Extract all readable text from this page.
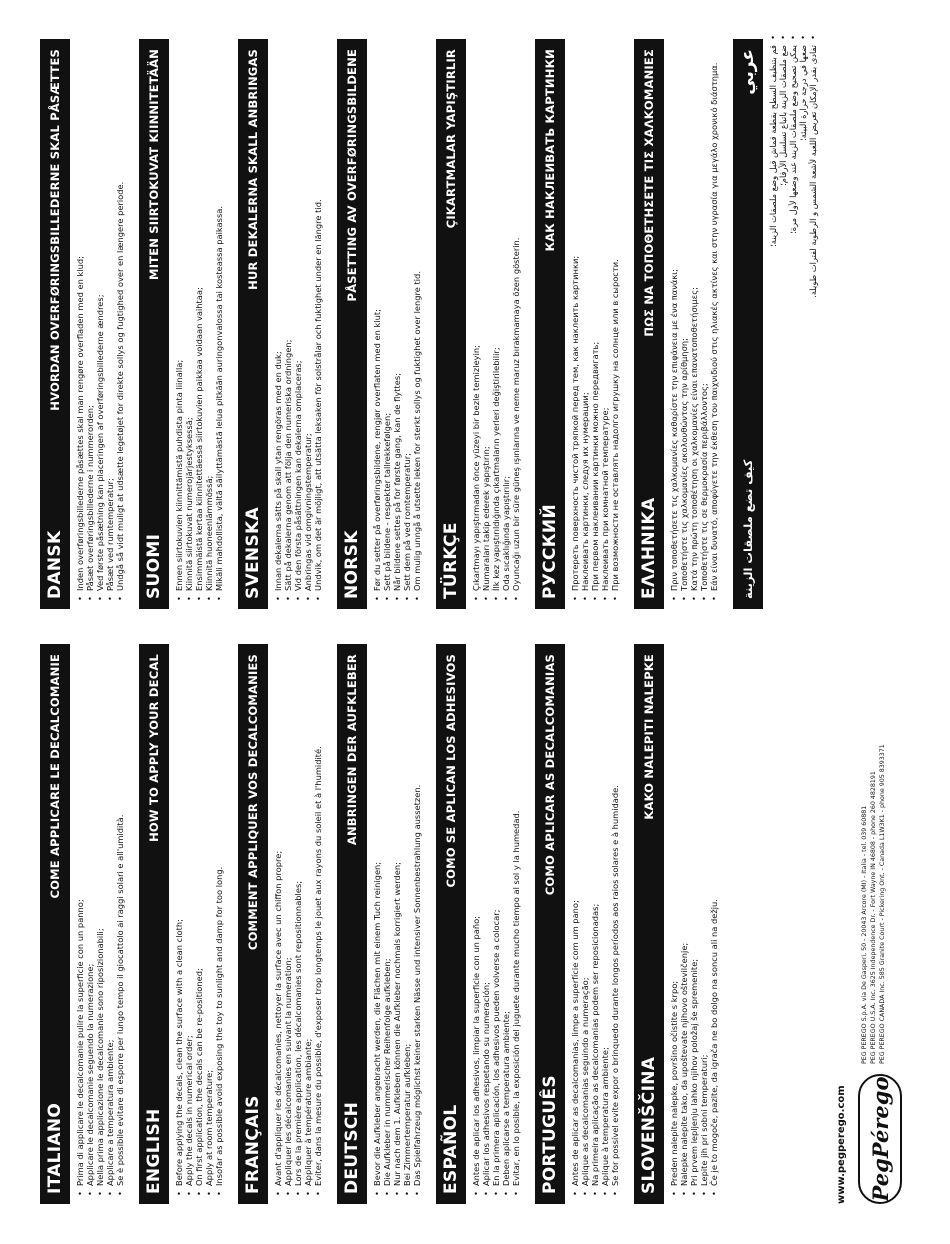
ITALIANO
COME APPLICARE LE DECALCOMANIE
• Prima di applicare le decalcomanie pulire la superficie con un panno; • Applicare le decalcomanie seguendo la numerazione; • Nella prima applicazione le decalcomanie sono riposizionabili; • Applicare a temperatura ambiente; • Se è possibile evitare di esporre per lungo tempo il giocattolo ai raggi solari e all'umidità. ENGLISH
HOW TO APPLY YOUR DECAL
• Before applying the decals, clean the surface with a clean cloth; • Apply the decals in numerical order; • On first application, the decals can be re-positioned; • Apply at room temperature; • Insofar as possible avoid exposing the toy to sunlight and damp for too long. FRANÇAIS
COMMENT APPLIQUER VOS DECALCOMANIES
• Avant d'appliquer les décalcomanies, nettoyer la surface avec un chiffon propre; • Appliquer les décalcomanies en suivant la numeration; • Lors de la première application, les décalcomanies sont repositionnables; • Appliquer à température ambiante; • Eviter, dans la mesure du possible, d'exposer trop longtemps le jouet aux rayons du soleil et à l'humidité. DEUTSCH
ANBRINGEN DER AUFKLEBER
• Bevor die Aufkleber angebracht werden, die Flächen mit einem Tuch reinigen; • Die Aufkleber in nummerischer Reihenfolge aufkleben; • Nur nach dem 1. Aufkleben können die Aufkleber nochmals korrigiert werden; • Bei Zimmertemperatur aufkleben; • Das Spielfahrzeug möglichst keiner starken Nässe und intensiver Sonnenbestrahlung aussetzen. ESPAÑOL
COMO SE APLICAN LOS ADHESIVOS
• Antes de aplicar los adhesivos, limpiar la superficie con un paño; • Aplicar los adhesivos respetando su numeración; • En la primera aplicación, los adhesivos pueden volverse a colocar; • Deben aplicarse a temperatura ambiente; • Evitar, en lo posible, la exposición del juguete durante mucho tiempo al sol y la humedad. PORTUGUÊS
COMO APLICAR AS DECALCOMANIAS
• Antes de aplicar as decalcomanias, limpe a superfície com um pano; • Aplique as decalcomanias seguindo a numeração; • Na primeira aplicação as decalcomanias podem ser reposicionadas; • Aplique à temperatura ambiente; • Se for possível evite expor o brinquedo durante longos períodos aos raios solares e à humidade. SLOVENŠČINA
KAKO NALEPITI NALEPKE
• Preden nalepite nalepke, površino očistite s krpo; • Nalepke nalepite tako, da upoštevate njihovo oštevilčenje; • Pri prvem lepljenju lahko njihov položaj še spremenite; • Lepite jih pri sobni temperaturi; • Če je to mogoče, pazite, da igrača ne bo dolgo na soncu ali na dežju.
DANSK
HVORDAN OVERFØRINGSBILLEDERNE SKAL PÅSÆTTES
• Inden overføringsbillederne påsættes skal man rengøre overfladen med en klud; • Påsæt overføringsbillederne i nummerorden; • Ved første påsætning kan placeringen af overføringsbillederne ændres; • Påsæt ved rumtemperatur; • Undgå så vidt muligt at udsætte legetøjet for direkte sollys og fugtighed over en længere periode. SUOMI
MITEN SIIRTOKUVAT KIINNITETÄÄN
• Ennen siirtokuvien kiinnittämistä puhdista pinta liinalla; • Kiinnitä siirtokuvat numerojärjestyksessä; • Ensimmäistä kertaa kiinnitettäessä siirtokuvien paikkaa voidaan vaihtaa; • Kiinnitä huoneenlämmössä; • Mikäli mahdollista, vältä säilyttämästä lelua pitkään auringonvalossa tai kosteassa paikassa. SVENSKA
HUR DEKALERNA SKALL ANBRINGAS
• Innan dekalerna sätts på skall ytan rengöras med en duk; • Sätt på dekalerna genom att följa den numeriska ordningen; • Vid den första påsättningen kan dekalerna omplaceras; • Anbringas vid omgivningstemperatur; • Undvik, om det är möjligt, att utsätta leksaken för solstrålar och fuktighet under en längre tid. NORSK
PÅSETTING AV OVERFØRINGSBILDENE
• Før du setter på overføringsbildene, rengjør overflaten med en klut; • Sett på bildene - respekter tallrekkefølgen; • Når bildene settes på for første gang, kan de flyttes; • Sett dem på ved romtemperatur; • Om mulig unngå å utsette leken for sterkt sollys og fuktighet over lengre tid. TÜRKÇE
ÇIKARTMALAR YAPIŞTIRLIR
• Çıkartmayı yapıştırmadan önce yüzeyi bir bezle temizleyin; • Numaraları takip ederek yapıştırın; • İlk kez yapıştırıldığında çıkartmaların yerleri değiştirilebilir; • Oda sıcaklığında yapıştırılır; • Oyuncağı uzun bir süre güneş ışınlarına ve neme maruz bırakmamaya özen gösterin. РУССКИЙ
КАК НАКЛЕИВАТЬ КАРТИНКИ
• Протереть поверхность чистой тряпкой перед тем, как наклеить картинки; • Наклеивать картинки, следуя их нумерации; • При первом наклеивании картинки можно передвигать; • Наклеивать при комнатной температуре; • При возможности не оставлять надолго игрушку на солнце или в сырости. ΕΛΛΗΝΙΚΑ
ΠΩΣ ΝΑ ΤΟΠΟΘΕΤΗΣΕΤΕ ΤΙΣ ΧΑΛΚΟΜΑΝΙΕΣ
• Πριν τοποθετήσετε τις χαλκομανίες καθαρίστε την επιφάνεια με ένα πανάκι; • Τοποθετήστε τις χαλκομανίες ακολουθώντας την αρίθμηση; • Κατά την πρώτη τοποθέτηση οι χαλκομανίες είναι επανατοποθετήσιμες; • Τοποθετήστε τις σε θερμοκρασία περιβάλλοντος; • Εάν είναι δυνατό, αποφύγετε την έκθεση του παιχνιδιού στις ηλιακές ακτίνες και στην υγρασία για μεγάλο χρονικό διάστημα. عربي
كيف تضع ملصقات الزينة
• قم بتنظيف السطح بقطعة قماش قبل وضع ملصقات الزينة؛ • ضع ملصقات الزينة باتباع تسلسل الأرقام؛ • يمكن تصحيح وضع ملصقات الزينة عند وضعها لأول مرة؛ • ضعها في درجة حرارة البيئة؛ • تفادى بقدر الإمكان تعريض اللعبة لأشعة الشمس و الرطوبة لفترات طويلة.
www.pegperego.com PegPérego
PEG PEREGO S.p.A. via De Gasperi, 50 - 20043 Arcore (MI) - Italia - tel. 039 60881 PEG PEREGO U.S.A. Inc. 3625 Independence Dr. - Fort Wayne IN 46808 - phone 260 4828191 PEG PEREGO CANADA Inc. 585 Granite Court - Pickering Ont. - Canada L1W3K1 - phone 905 8393371
